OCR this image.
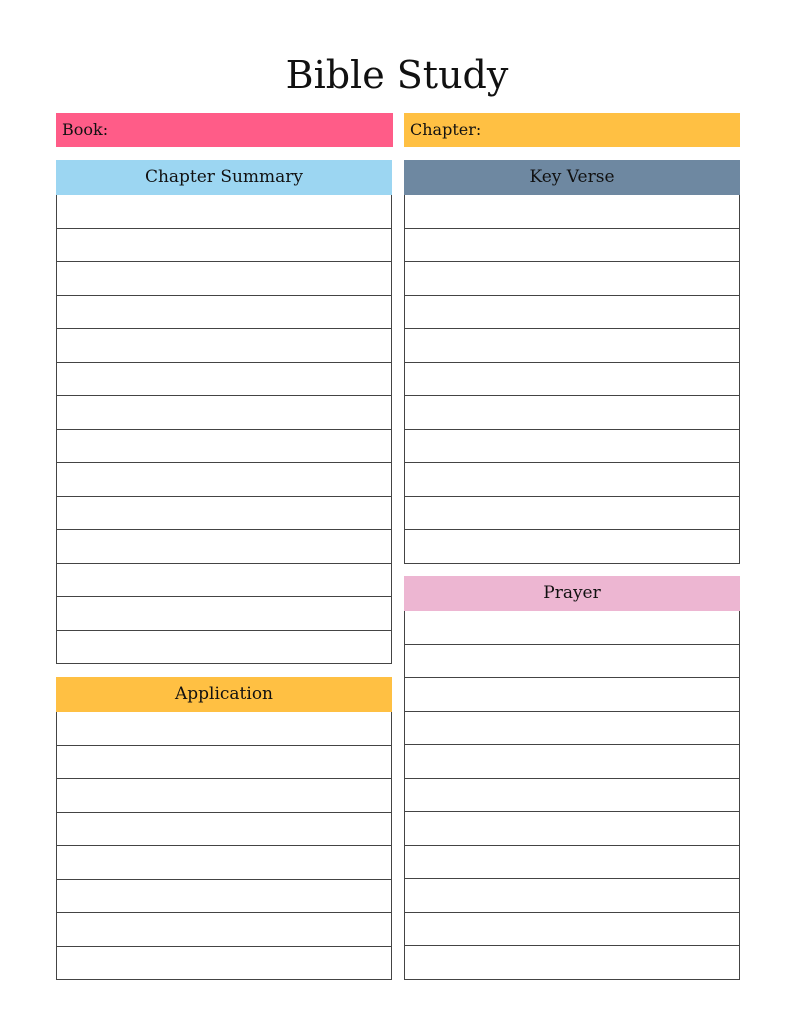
Bible Study
Book:	Chapter:
Chapter Summary	Key Verse
Application
Prayer
